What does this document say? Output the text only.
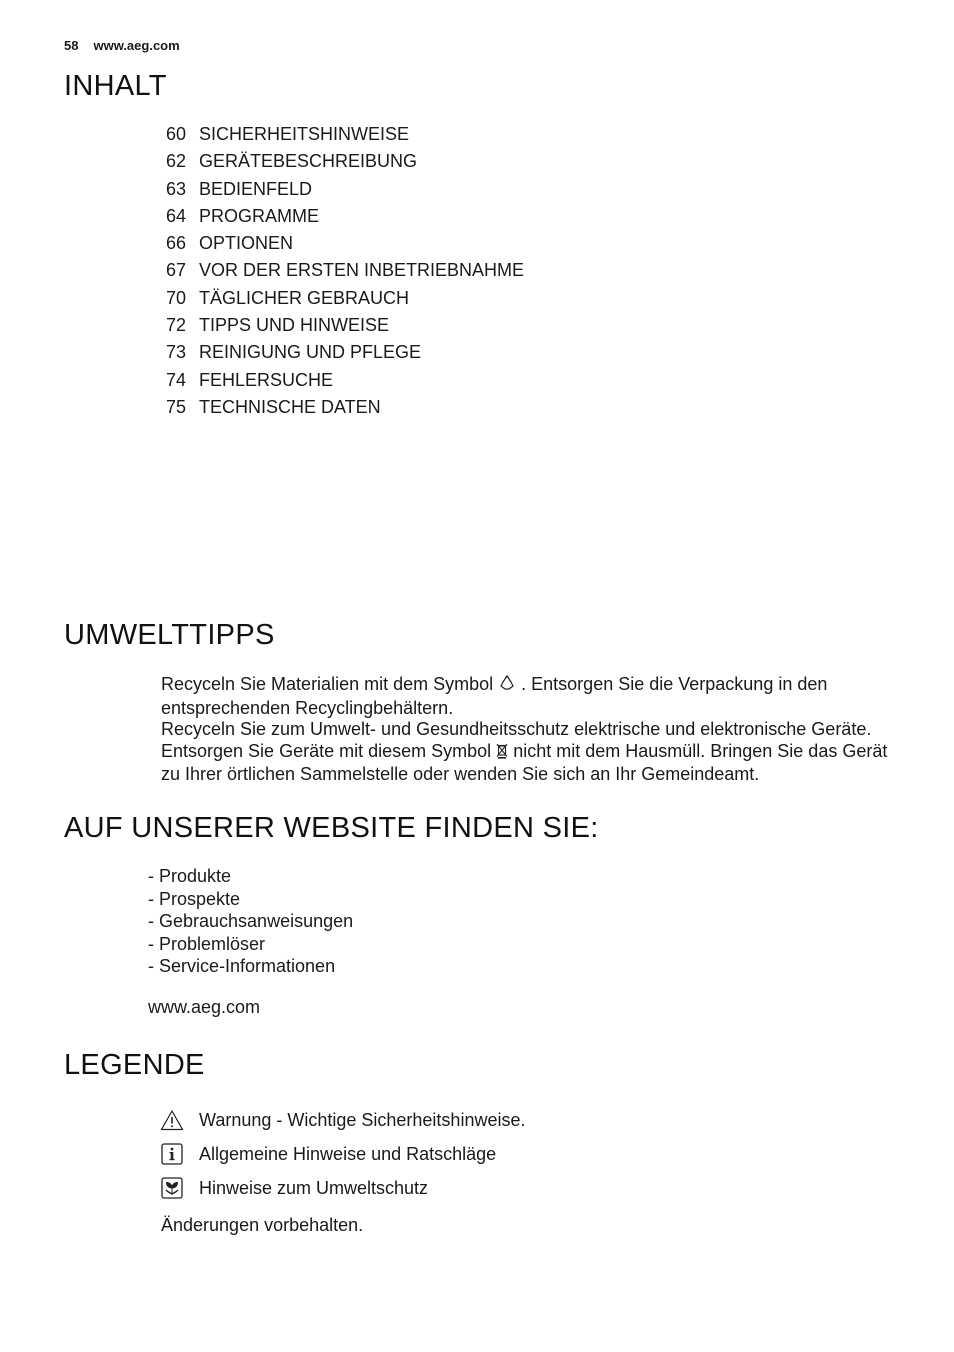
58 www.aeg.com
INHALT
60 SICHERHEITSHINWEISE
62 GERÄTEBESCHREIBUNG
63 BEDIENFELD
64 PROGRAMME
66 OPTIONEN
67 VOR DER ERSTEN INBETRIEBNAHME
70 TÄGLICHER GEBRAUCH
72 TIPPS UND HINWEISE
73 REINIGUNG UND PFLEGE
74 FEHLERSUCHE
75 TECHNISCHE DATEN
UMWELTTIPPS

Recyceln Sie Materialien mit dem Symbol . Entsorgen Sie die Verpackung in den entsprechenden Recyclingbehältern.

Recyceln Sie zum Umwelt- und Gesundheitsschutz elektrische und elektronische Geräte.

Entsorgen Sie Geräte mit diesem Symbol nicht mit dem Hausmüll. Bringen Sie das Gerät zu Ihrer örtlichen Sammelstelle oder wenden Sie sich an Ihr Gemeindeamt.

AUF UNSERER WEBSITE FINDEN SIE:
- Produkte
- Prospekte
- Gebrauchsanweisungen
- Problemlöser
- Service-Informationen
www.aeg.com
LEGENDE
Warnung - Wichtige Sicherheitshinweise.
Allgemeine Hinweise und Ratschläge
Hinweise zum Umweltschutz
Änderungen vorbehalten.
